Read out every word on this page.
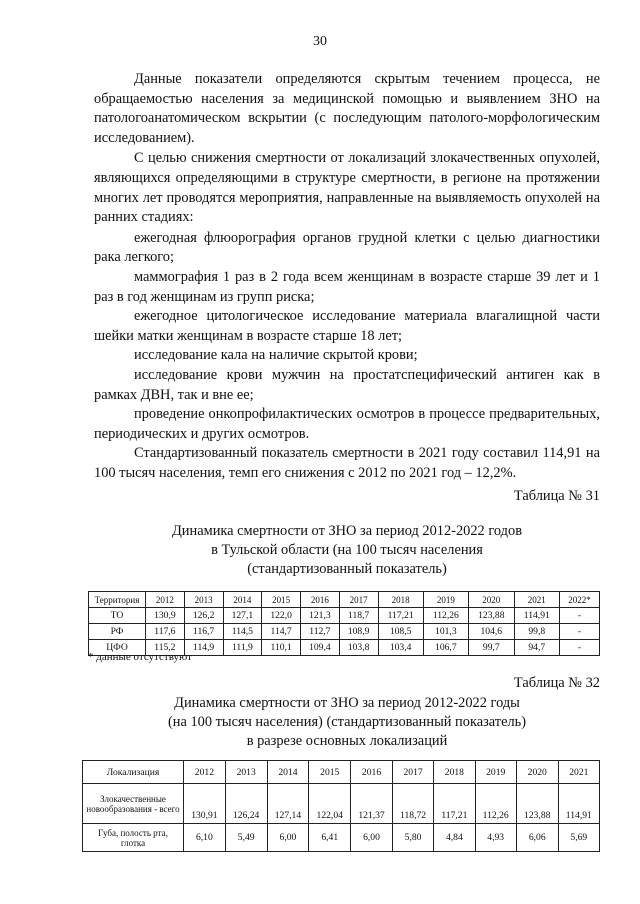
30

Данные показатели определяются скрытым течением процесса, не обращаемостью населения за медицинской помощью и выявлением ЗНО на патологоанатомическом вскрытии (с последующим патолого-морфологическим исследованием).

С целью снижения смертности от локализаций злокачественных опухолей, являющихся определяющими в структуре смертности, в регионе на протяжении многих лет проводятся мероприятия, направленные на выявляемость опухолей на ранних стадиях:

ежегодная флюорография органов грудной клетки с целью диагностики рака легкого;

маммография 1 раз в 2 года всем женщинам в возрасте старше 39 лет и 1 раз в год женщинам из групп риска;

ежегодное цитологическое исследование материала влагалищной части шейки матки женщинам в возрасте старше 18 лет;

исследование кала на наличие скрытой крови;

исследование крови мужчин на простатспецифический антиген как в рамках ДВН, так и вне ее;

проведение онкопрофилактических осмотров в процессе предварительных, периодических и других осмотров.

Стандартизованный показатель смертности в 2021 году составил 114,91 на 100 тысяч населения, темп его снижения с 2012 по 2021 год – 12,2%.

Таблица № 31
Динамика смертности от ЗНО за период 2012-2022 годов
в Тульской области (на 100 тысяч населения
(стандартизованный показатель)
Территория	2012	2013	2014	2015	2016	2017	2018	2019	2020	2021	2022*
ТО	130,9	126,2	127,1	122,0	121,3	118,7	117,21	112,26	123,88	114,91	-
РФ	117,6	116,7	114,5	114,7	112,7	108,9	108,5	101,3	104,6	99,8	-
ЦФО	115,2	114,9	111,9	110,1	109,4	103,8	103,4	106,7	99,7	94,7	-
* данные отсутствуют
Таблица № 32
Динамика смертности от ЗНО за период 2012-2022 годы
(на 100 тысяч населения) (стандартизованный показатель)
в разрезе основных локализаций
Локализация	2012	2013	2014	2015	2016	2017	2018	2019	2020	2021
Злокачественные новообразования - всего	130,91	126,24	127,14	122,04	121,37	118,72	117,21	112,26	123,88	114,91
Губа, полость рта, глотка	6,10	5,49	6,00	6,41	6,00	5,80	4,84	4,93	6,06	5,69
